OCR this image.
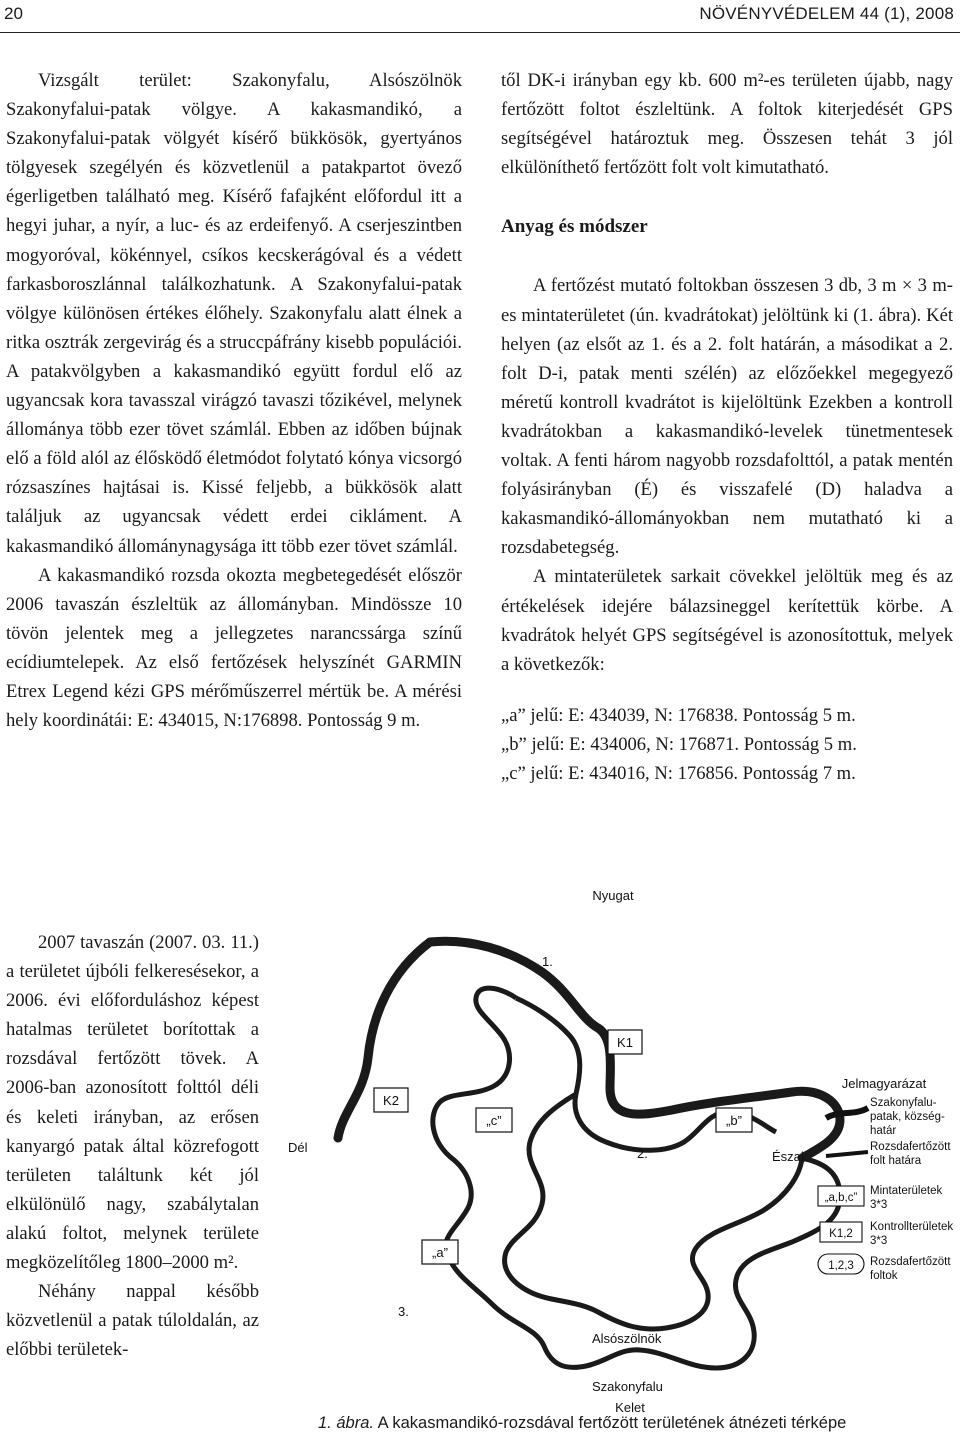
20	NÖVÉNYVÉDELEM 44 (1), 2008

Vizsgált terület: Szakonyfalu, Alsószölnök Szakonyfalui-patak völgye. A kakasmandikó, a Szakonyfalui-patak völgyét kísérő bükkösök, gyertyános tölgyesek szegélyén és közvetlenül a patakpartot övező égerligetben található meg. Kísérő fafajként előfordul itt a hegyi juhar, a nyír, a luc- és az erdeifenyő. A cserjeszintben mogyoróval, kökénnyel, csíkos kecskerágóval és a védett farkasboroszlánnal találkozhatunk. A Szakonyfalui-patak völgye különösen értékes élőhely. Szakonyfalu alatt élnek a ritka osztrák zergevirág és a struccpáfrány kisebb populációi. A patakvölgyben a kakasmandikó együtt fordul elő az ugyancsak kora tavasszal virágzó tavaszi tőzikével, melynek állománya több ezer tövet számlál. Ebben az időben bújnak elő a föld alól az élősködő életmódot folytató kónya vicsorgó rózsaszínes hajtásai is. Kissé feljebb, a bükkösök alatt találjuk az ugyancsak védett erdei cikláment. A kakasmandikó állománynagysága itt több ezer tövet számlál.

A kakasmandikó rozsda okozta megbetegedését először 2006 tavaszán észleltük az állományban. Mindössze 10 tövön jelentek meg a jellegzetes narancssárga színű ecídiumtelepek. Az első fertőzések helyszínét GARMIN Etrex Legend kézi GPS mérőműszerrel mértük be. A mérési hely koordinátái: E: 434015, N:176898. Pontosság 9 m.

2007 tavaszán (2007. 03. 11.) a területet újbóli felkeresésekor, a 2006. évi előforduláshoz képest hatalmas területet borítottak a rozsdával fertőzött tövek. A 2006-ban azonosított folttól déli és keleti irányban, az erősen kanyargó patak által közrefogott területen találtunk két jól elkülönülő nagy, szabálytalan alakú foltot, melynek területe megközelítőleg 1800–2000 m².

Néhány nappal később közvetlenül a patak túloldalán, az előbbi területek-

től DK-i irányban egy kb. 600 m²-es területen újabb, nagy fertőzött foltot észleltünk. A foltok kiterjedését GPS segítségével határoztuk meg. Összesen tehát 3 jól elkülöníthető fertőzött folt volt kimutatható.

Anyag és módszer

A fertőzést mutató foltokban összesen 3 db, 3 m × 3 m-es mintaterületet (ún. kvadrátokat) jelöltünk ki (1. ábra). Két helyen (az elsőt az 1. és a 2. folt határán, a másodikat a 2. folt D-i, patak menti szélén) az előzőekkel megegyező méretű kontroll kvadrátot is kijelöltünk Ezekben a kontroll kvadrátokban a kakasmandikó-levelek tünetmentesek voltak. A fenti három nagyobb rozsdafolttól, a patak mentén folyásirányban (É) és visszafelé (D) haladva a kakasmandikó-állományokban nem mutatható ki a rozsdabetegség.

A mintaterületek sarkait cövekkel jelöltük meg és az értékelések idejére bálazsineggel kerítettük körbe. A kvadrátok helyét GPS segítségével is azonosítottuk, melyek a következők:

„a” jelű: E: 434039, N: 176838. Pontosság 5 m.

„b” jelű: E: 434006, N: 176871. Pontosság 5 m.

„c” jelű: E: 434016, N: 176856. Pontosság 7 m.

Nyugat
Dél
Észak
Kelet
Alsószölnök
Szakonyfalu
1.
2.
3.
K1
K2
„c”	„b”
„a”
Jelmagyarázat
Szakonyfalu-
patak, község-
határ
Rozsdafertőzött
folt határa
„a,b,c”
Mintaterületek
3*3
K1,2
Kontrollterületek
3*3
1,2,3 Rozsdafertőzött
foltok
1. ábra. A kakasmandikó-rozsdával fertőzött területének átnézeti térképe
